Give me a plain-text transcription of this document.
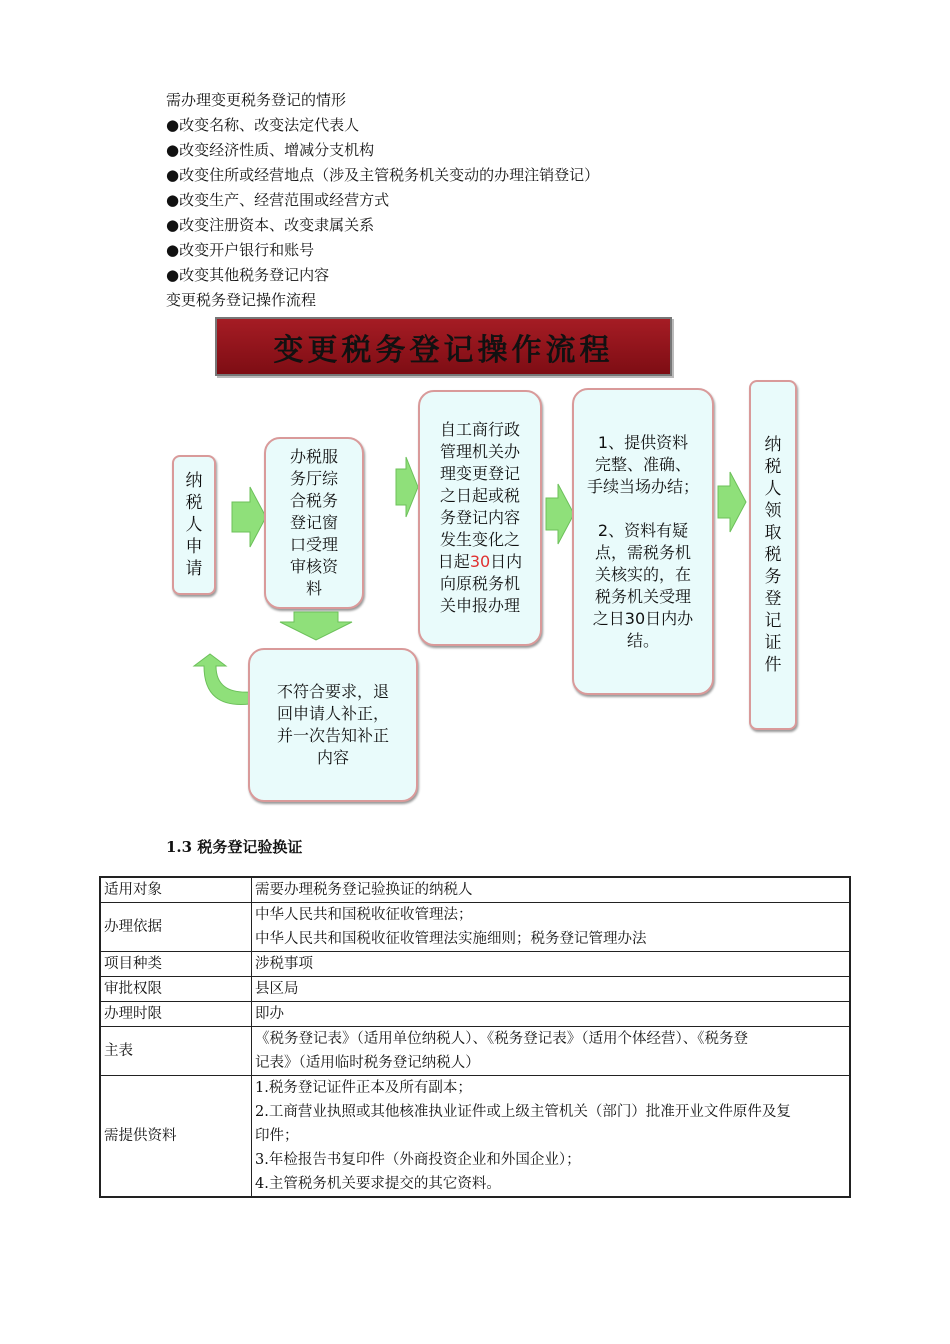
需办理变更税务登记的情形
●改变名称、改变法定代表人
●改变经济性质、增减分支机构
●改变住所或经营地点（涉及主管税务机关变动的办理注销登记）
●改变生产、经营范围或经营方式
●改变注册资本、改变隶属关系
●改变开户银行和账号
●改变其他税务登记内容
变更税务登记操作流程
变更税务登记操作流程
纳
税
人
申
请
办税服
务厅综
合税务
登记窗
口受理
审核资
料
自工商行政
管理机关办
理变更登记
之日起或税
务登记内容
发生变化之
日起30日内
向原税务机
关申报办理
1、提供资料
完整、准确、
手续当场办结；

2、资料有疑
点，需税务机
关核实的，在
税务机关受理
之日30日内办
结。
纳
税
人
领
取
税
务
登
记
证
件
不符合要求，退
回申请人补正，
并一次告知补正
内容
1.3 税务登记验换证
适用对象	需要办理税务登记验换证的纳税人

办理依据	中华人民共和国税收征收管理法；
中华人民共和国税收征收管理法实施细则；税务登记管理办法

项目种类	涉税事项

审批权限	县区局

办理时限	即办

主表	《税务登记表》（适用单位纳税人）、《税务登记表》（适用个体经营）、《税务登
记表》（适用临时税务登记纳税人）

需提供资料	1.税务登记证件正本及所有副本；
2.工商营业执照或其他核准执业证件或上级主管机关（部门）批准开业文件原件及复
印件；
3.年检报告书复印件（外商投资企业和外国企业）；
4.主管税务机关要求提交的其它资料。
